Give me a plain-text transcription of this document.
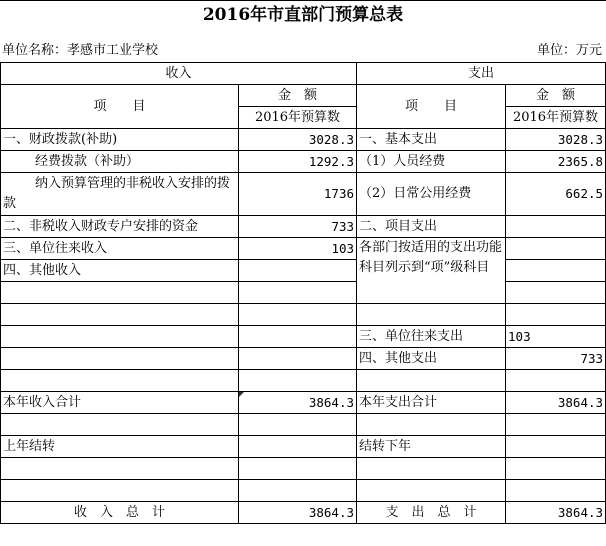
2016年市直部门预算总表
单位名称：孝感市工业学校	单位：万元
收入		支出	
项　　目	金　额	项　　目	金　额
	2016年预算数		2016年预算数
一、财政拨款(补助)	3028.3	一、基本支出	3028.3
经费拨款（补助）	1292.3	（1）人员经费	2365.8
纳入预算管理的非税收入安排的拨款	1736	（2）日常公用经费	662.5
二、非税收入财政专户安排的资金	733	二、项目支出	
三、单位往来收入	103	各部门按适用的支出功能科目列示到“项”级科目	
四、其他收入			

		三、单位往来支出	103
		四、其他支出	733

本年收入合计	3864.3	本年支出合计	3864.3

上年结转		结转下年	

收　入　总　计	3864.3	支　出　总　计	3864.3
